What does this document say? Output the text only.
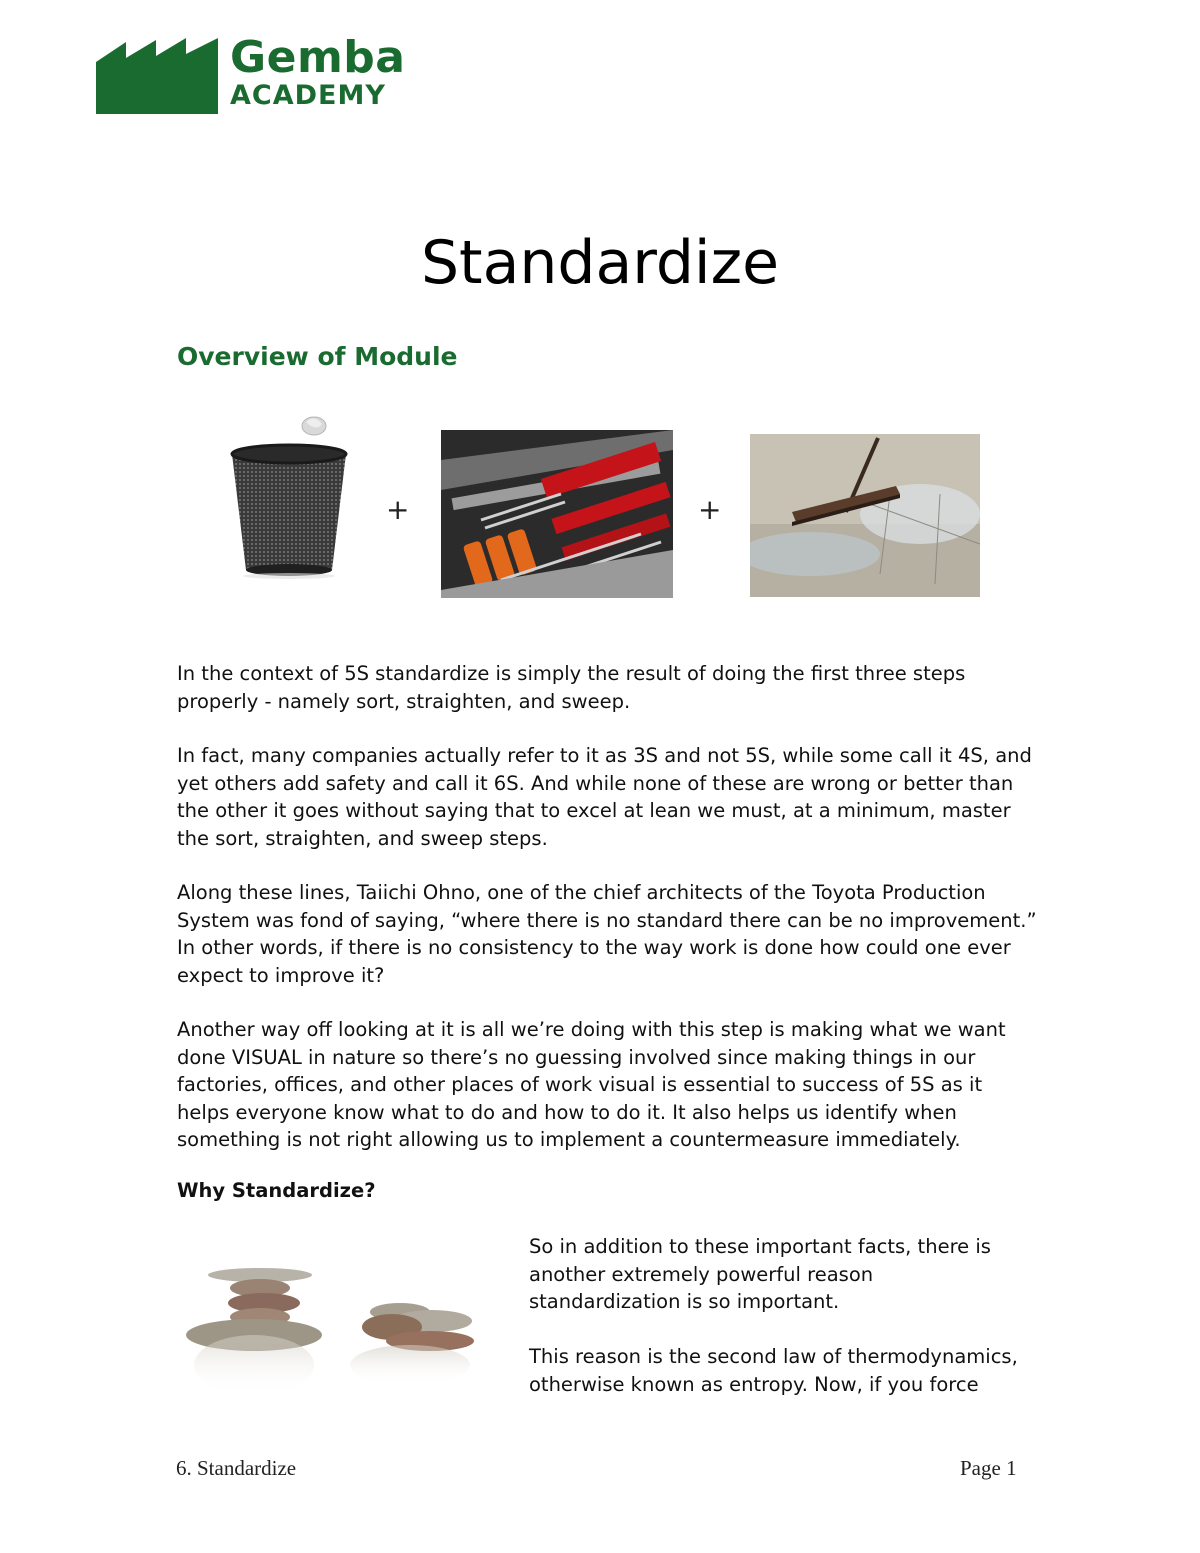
Gemba
ACADEMY
Standardize
Overview of Module
+	+

In the context of 5S standardize is simply the result of doing the first three steps properly - namely sort, straighten, and sweep.

In fact, many companies actually refer to it as 3S and not 5S, while some call it 4S, and yet others add safety and call it 6S. And while none of these are wrong or better than the other it goes without saying that to excel at lean we must, at a minimum, master the sort, straighten, and sweep steps.

Along these lines, Taiichi Ohno, one of the chief architects of the Toyota Production System was fond of saying, “where there is no standard there can be no improvement.” In other words, if there is no consistency to the way work is done how could one ever expect to improve it?

Another way off looking at it is all we’re doing with this step is making what we want done VISUAL in nature so there’s no guessing involved since making things in our factories, offices, and other places of work visual is essential to success of 5S as it helps everyone know what to do and how to do it. It also helps us identify when something is not right allowing us to implement a countermeasure immediately.

Why Standardize?

So in addition to these important facts, there is another extremely powerful reason standardization is so important.

This reason is the second law of thermodynamics, otherwise known as entropy. Now, if you force

6. Standardize	Page 1
